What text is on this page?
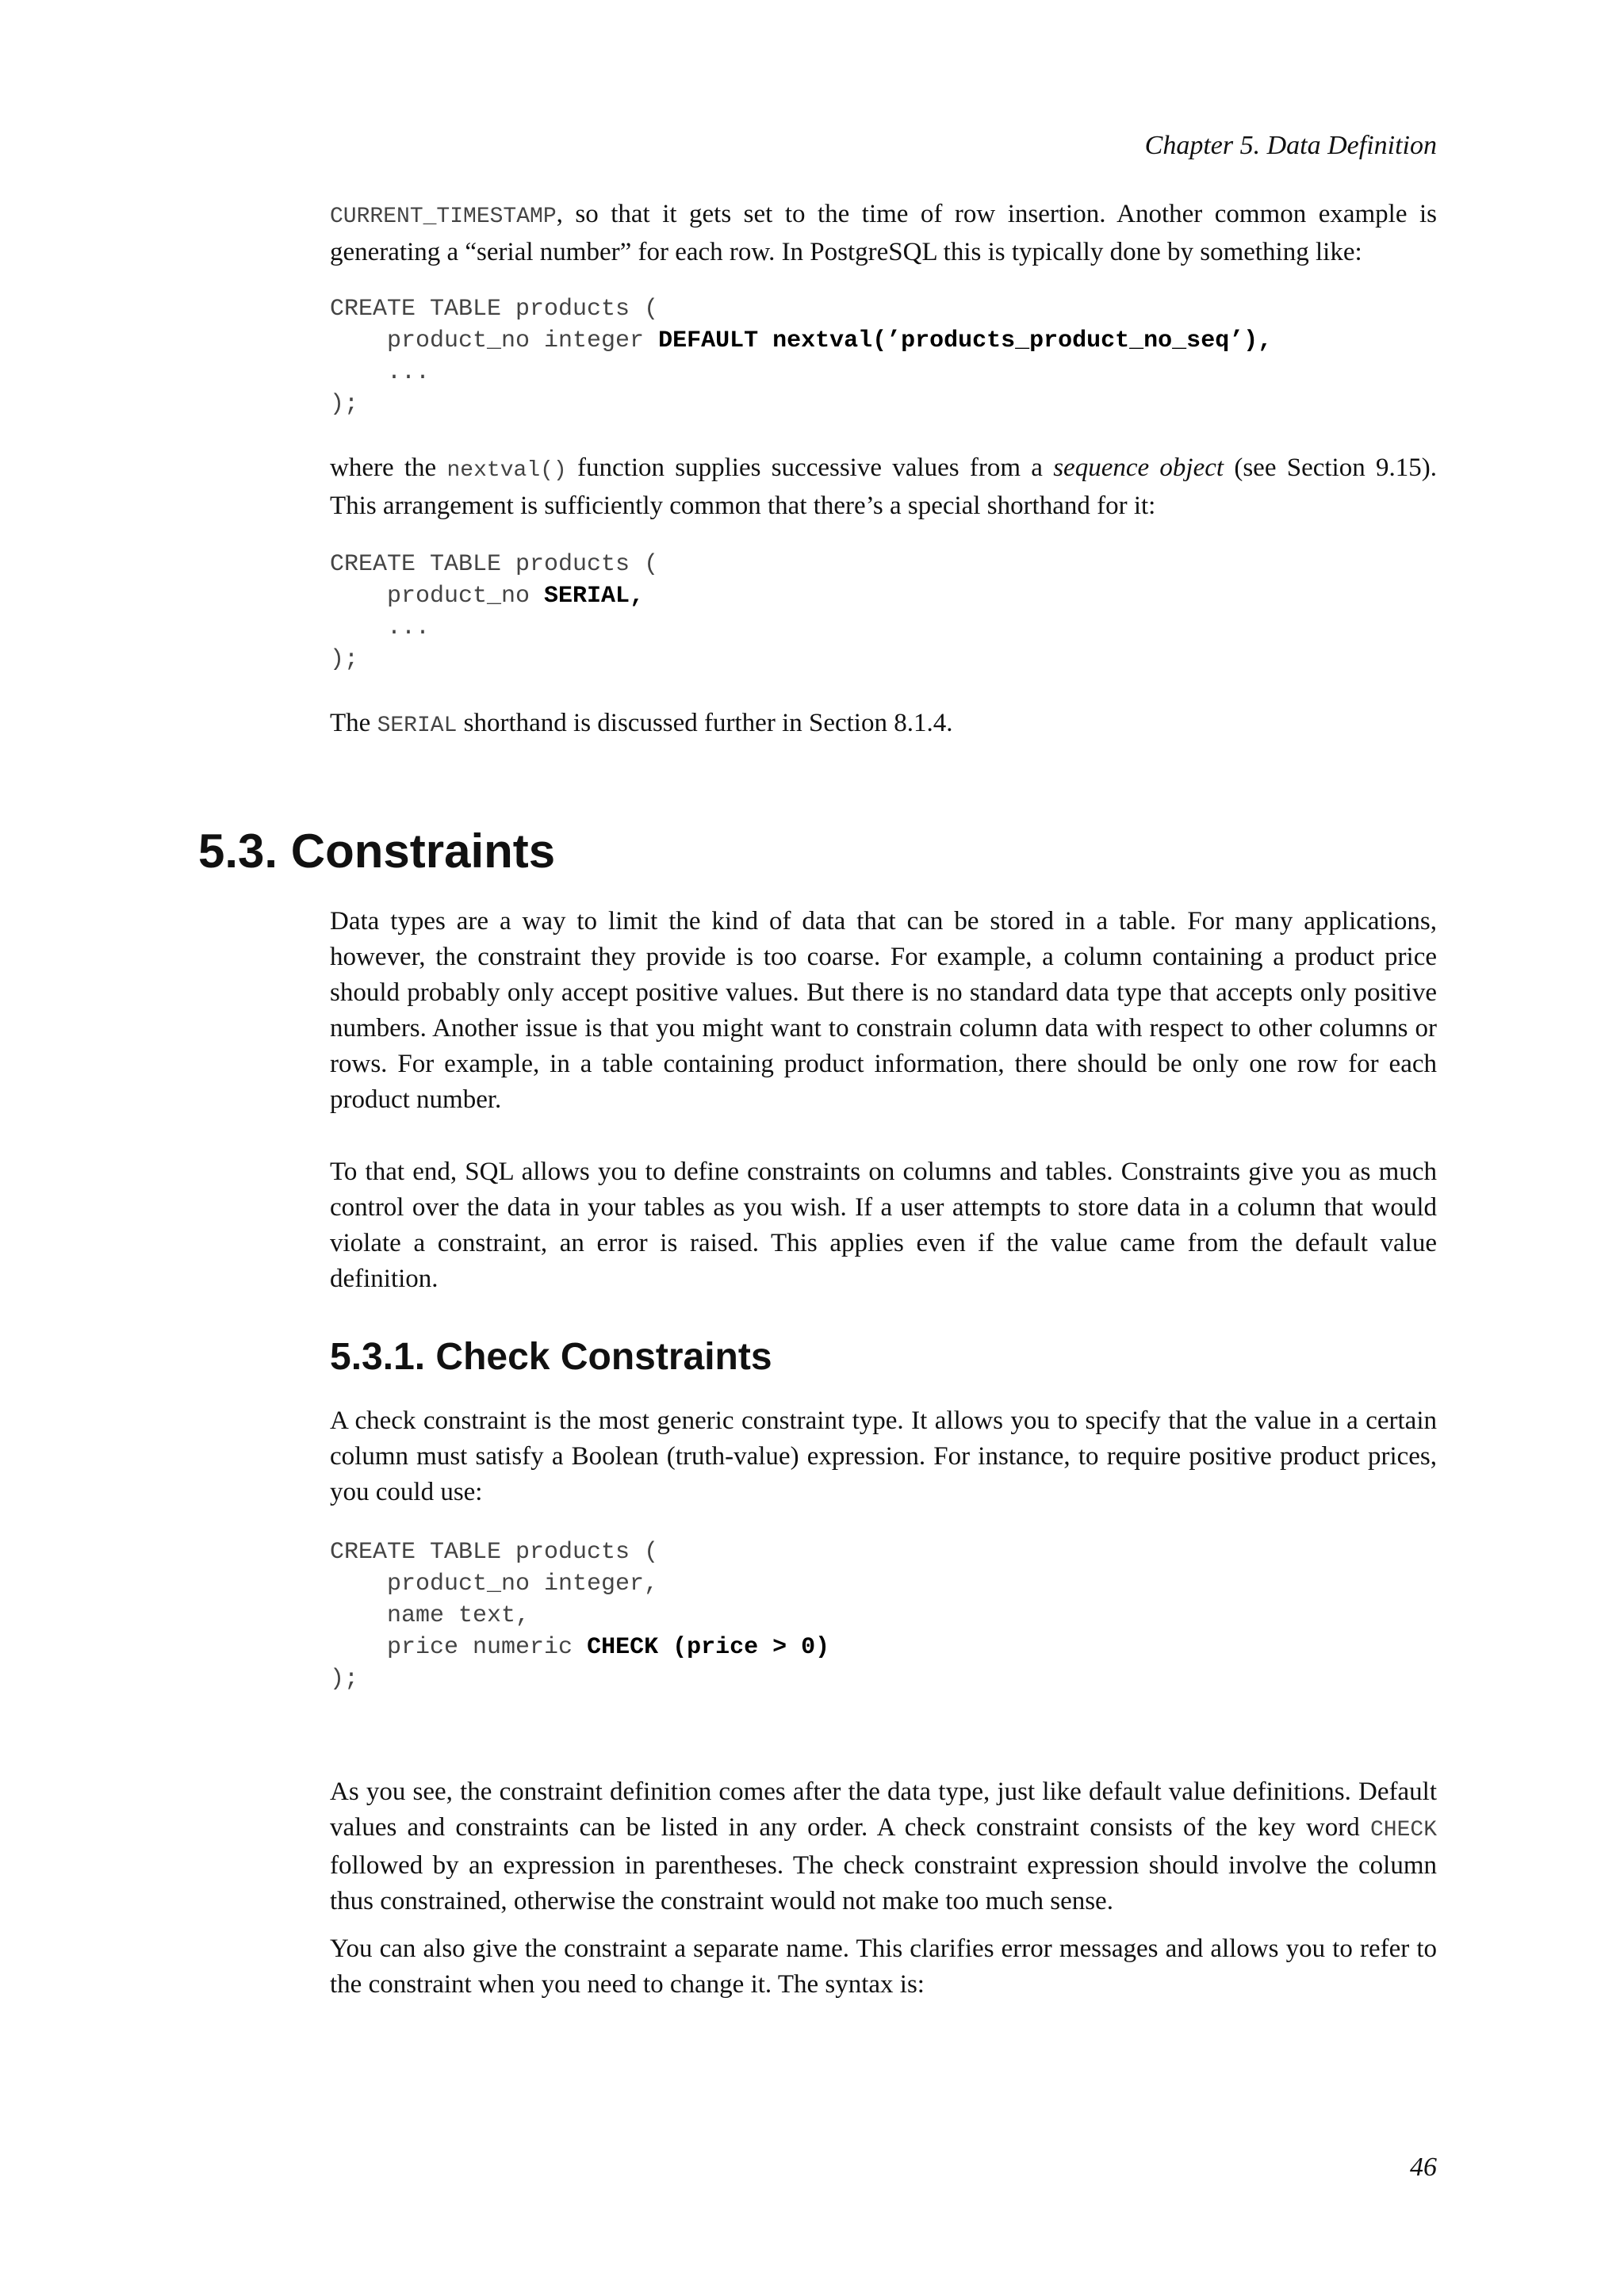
Chapter 5. Data Definition

CURRENT_TIMESTAMP, so that it gets set to the time of row insertion. Another common example is generating a “serial number” for each row. In PostgreSQL this is typically done by something like:

CREATE TABLE products (
product_no integer DEFAULT nextval(’products_product_no_seq’),
...
);

where the nextval() function supplies successive values from a sequence object (see Section 9.15). This arrangement is sufficiently common that there’s a special shorthand for it:

CREATE TABLE products (
product_no SERIAL,
...
);

The SERIAL shorthand is discussed further in Section 8.1.4.

5.3. Constraints

Data types are a way to limit the kind of data that can be stored in a table. For many applications, however, the constraint they provide is too coarse. For example, a column containing a product price should probably only accept positive values. But there is no standard data type that accepts only positive numbers. Another issue is that you might want to constrain column data with respect to other columns or rows. For example, in a table containing product information, there should be only one row for each product number.

To that end, SQL allows you to define constraints on columns and tables. Constraints give you as much control over the data in your tables as you wish. If a user attempts to store data in a column that would violate a constraint, an error is raised. This applies even if the value came from the default value definition.

5.3.1. Check Constraints

A check constraint is the most generic constraint type. It allows you to specify that the value in a certain column must satisfy a Boolean (truth-value) expression. For instance, to require positive product prices, you could use:

CREATE TABLE products (
product_no integer,
name text,
price numeric CHECK (price > 0)
);

As you see, the constraint definition comes after the data type, just like default value definitions. Default values and constraints can be listed in any order. A check constraint consists of the key word CHECK followed by an expression in parentheses. The check constraint expression should involve the column thus constrained, otherwise the constraint would not make too much sense.

You can also give the constraint a separate name. This clarifies error messages and allows you to refer to the constraint when you need to change it. The syntax is:

46
